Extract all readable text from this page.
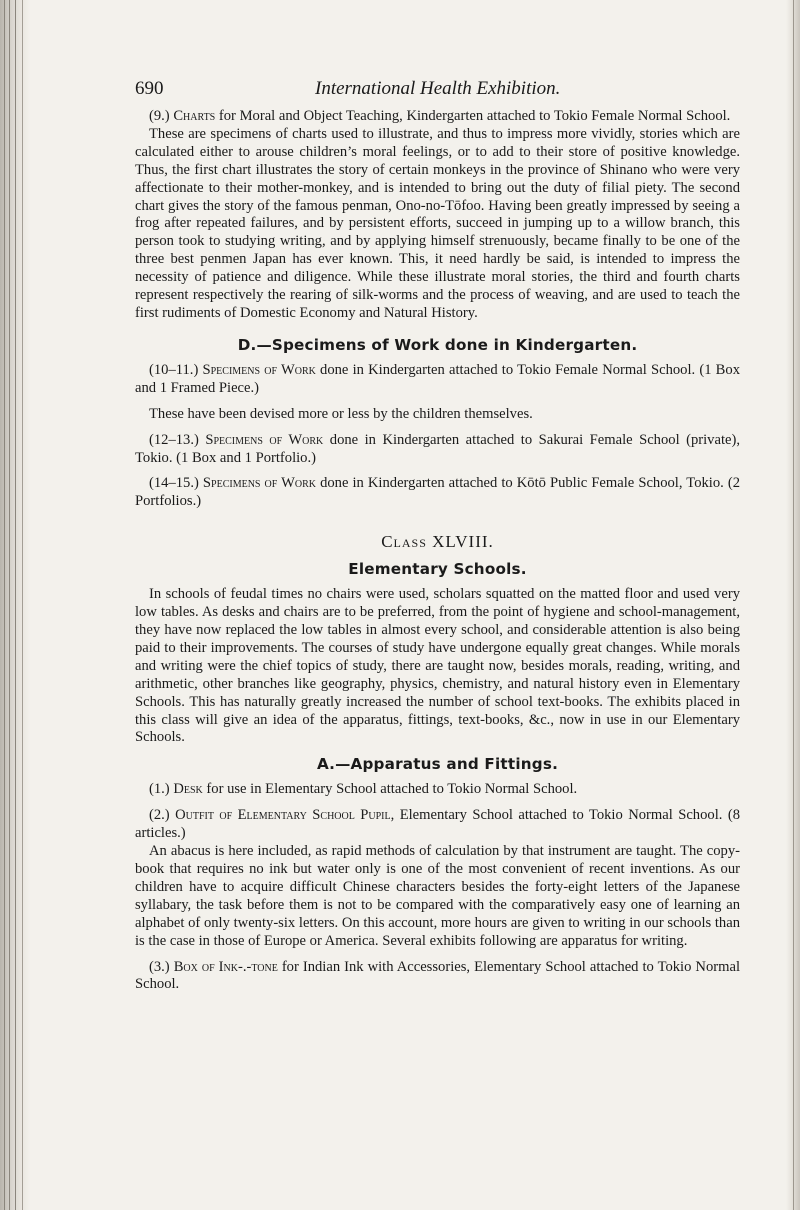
690	International Health Exhibition.

(9.) Charts for Moral and Object Teaching, Kindergarten attached to Tokio Female Normal School.

These are specimens of charts used to illustrate, and thus to impress more vividly, stories which are calculated either to arouse children’s moral feelings, or to add to their store of positive knowledge. Thus, the first chart illustrates the story of certain monkeys in the province of Shinano who were very affectionate to their mother-monkey, and is intended to bring out the duty of filial piety. The second chart gives the story of the famous penman, Ono-no-Tōfoo. Having been greatly impressed by seeing a frog after repeated failures, and by persistent efforts, succeed in jumping up to a willow branch, this person took to studying writing, and by applying himself strenuously, became finally to be one of the three best penmen Japan has ever known. This, it need hardly be said, is intended to impress the necessity of patience and diligence. While these illustrate moral stories, the third and fourth charts represent respectively the rearing of silk-worms and the process of weaving, and are used to teach the first rudiments of Domestic Economy and Natural History.

D.—Specimens of Work done in Kindergarten.

(10–11.) Specimens of Work done in Kindergarten attached to Tokio Female Normal School. (1 Box and 1 Framed Piece.)

These have been devised more or less by the children themselves.

(12–13.) Specimens of Work done in Kindergarten attached to Sakurai Female School (private), Tokio. (1 Box and 1 Portfolio.)

(14–15.) Specimens of Work done in Kindergarten attached to Kōtō Public Female School, Tokio. (2 Portfolios.)

Class XLVIII.
Elementary Schools.

In schools of feudal times no chairs were used, scholars squatted on the matted floor and used very low tables. As desks and chairs are to be preferred, from the point of hygiene and school-management, they have now replaced the low tables in almost every school, and considerable attention is also being paid to their improvements. The courses of study have undergone equally great changes. While morals and writing were the chief topics of study, there are taught now, besides morals, reading, writing, and arithmetic, other branches like geography, physics, chemistry, and natural history even in Elementary Schools. This has naturally greatly increased the number of school text-books. The exhibits placed in this class will give an idea of the apparatus, fittings, text-books, &c., now in use in our Elementary Schools.

A.—Apparatus and Fittings.

(1.) Desk for use in Elementary School attached to Tokio Normal School.

(2.) Outfit of Elementary School Pupil, Elementary School attached to Tokio Normal School. (8 articles.)

An abacus is here included, as rapid methods of calculation by that instrument are taught. The copy-book that requires no ink but water only is one of the most convenient of recent inventions. As our children have to acquire difficult Chinese characters besides the forty-eight letters of the Japanese syllabary, the task before them is not to be compared with the comparatively easy one of learning an alphabet of only twenty-six letters. On this account, more hours are given to writing in our schools than is the case in those of Europe or America. Several exhibits following are apparatus for writing.

(3.) Box of Ink-.-tone for Indian Ink with Accessories, Elementary School attached to Tokio Normal School.
